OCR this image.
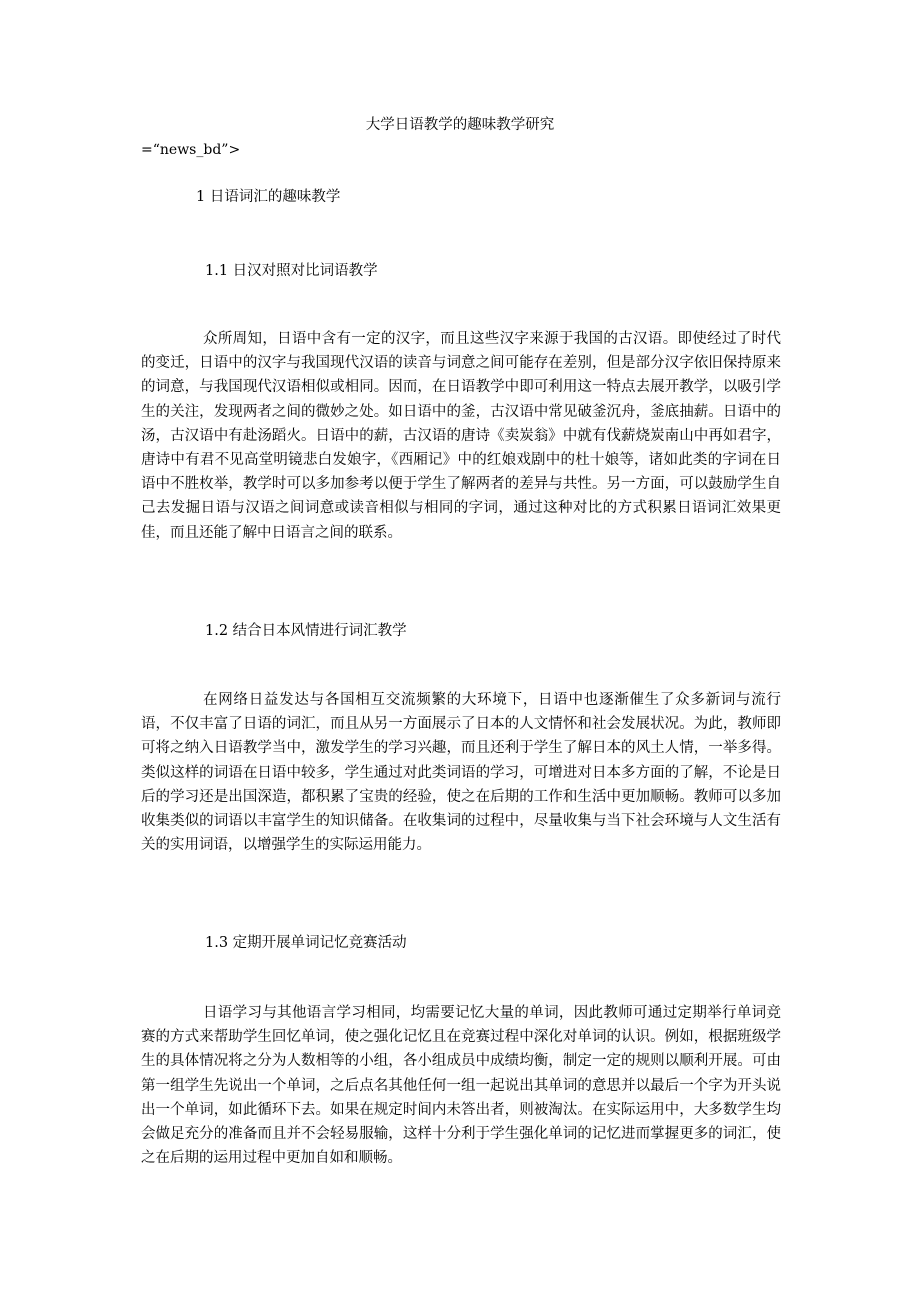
大学日语教学的趣味教学研究
=“news_bd”>
1 日语词汇的趣味教学
1.1 日汉对照对比词语教学

众所周知，日语中含有一定的汉字，而且这些汉字来源于我国的古汉语。即使经过了时代的变迁，日语中的汉字与我国现代汉语的读音与词意之间可能存在差别，但是部分汉字依旧保持原来的词意，与我国现代汉语相似或相同。因而，在日语教学中即可利用这一特点去展开教学，以吸引学生的关注，发现两者之间的微妙之处。如日语中的釜，古汉语中常见破釜沉舟，釜底抽薪。日语中的汤，古汉语中有赴汤蹈火。日语中的薪，古汉语的唐诗《卖炭翁》中就有伐薪烧炭南山中再如君字，唐诗中有君不见高堂明镜悲白发娘字，《西厢记》中的红娘戏剧中的杜十娘等，诸如此类的字词在日语中不胜枚举，教学时可以多加参考以便于学生了解两者的差异与共性。另一方面，可以鼓励学生自己去发掘日语与汉语之间词意或读音相似与相同的字词，通过这种对比的方式积累日语词汇效果更佳，而且还能了解中日语言之间的联系。

1.2 结合日本风情进行词汇教学

在网络日益发达与各国相互交流频繁的大环境下，日语中也逐渐催生了众多新词与流行语，不仅丰富了日语的词汇，而且从另一方面展示了日本的人文情怀和社会发展状况。为此，教师即可将之纳入日语教学当中，激发学生的学习兴趣，而且还利于学生了解日本的风土人情，一举多得。类似这样的词语在日语中较多，学生通过对此类词语的学习，可增进对日本多方面的了解，不论是日后的学习还是出国深造，都积累了宝贵的经验，使之在后期的工作和生活中更加顺畅。教师可以多加收集类似的词语以丰富学生的知识储备。在收集词的过程中，尽量收集与当下社会环境与人文生活有关的实用词语，以增强学生的实际运用能力。

1.3 定期开展单词记忆竞赛活动

日语学习与其他语言学习相同，均需要记忆大量的单词，因此教师可通过定期举行单词竞赛的方式来帮助学生回忆单词，使之强化记忆且在竞赛过程中深化对单词的认识。例如，根据班级学生的具体情况将之分为人数相等的小组，各小组成员中成绩均衡，制定一定的规则以顺利开展。可由第一组学生先说出一个单词，之后点名其他任何一组一起说出其单词的意思并以最后一个字为开头说出一个单词，如此循环下去。如果在规定时间内未答出者，则被淘汰。在实际运用中，大多数学生均会做足充分的准备而且并不会轻易服输，这样十分利于学生强化单词的记忆进而掌握更多的词汇，使之在后期的运用过程中更加自如和顺畅。
